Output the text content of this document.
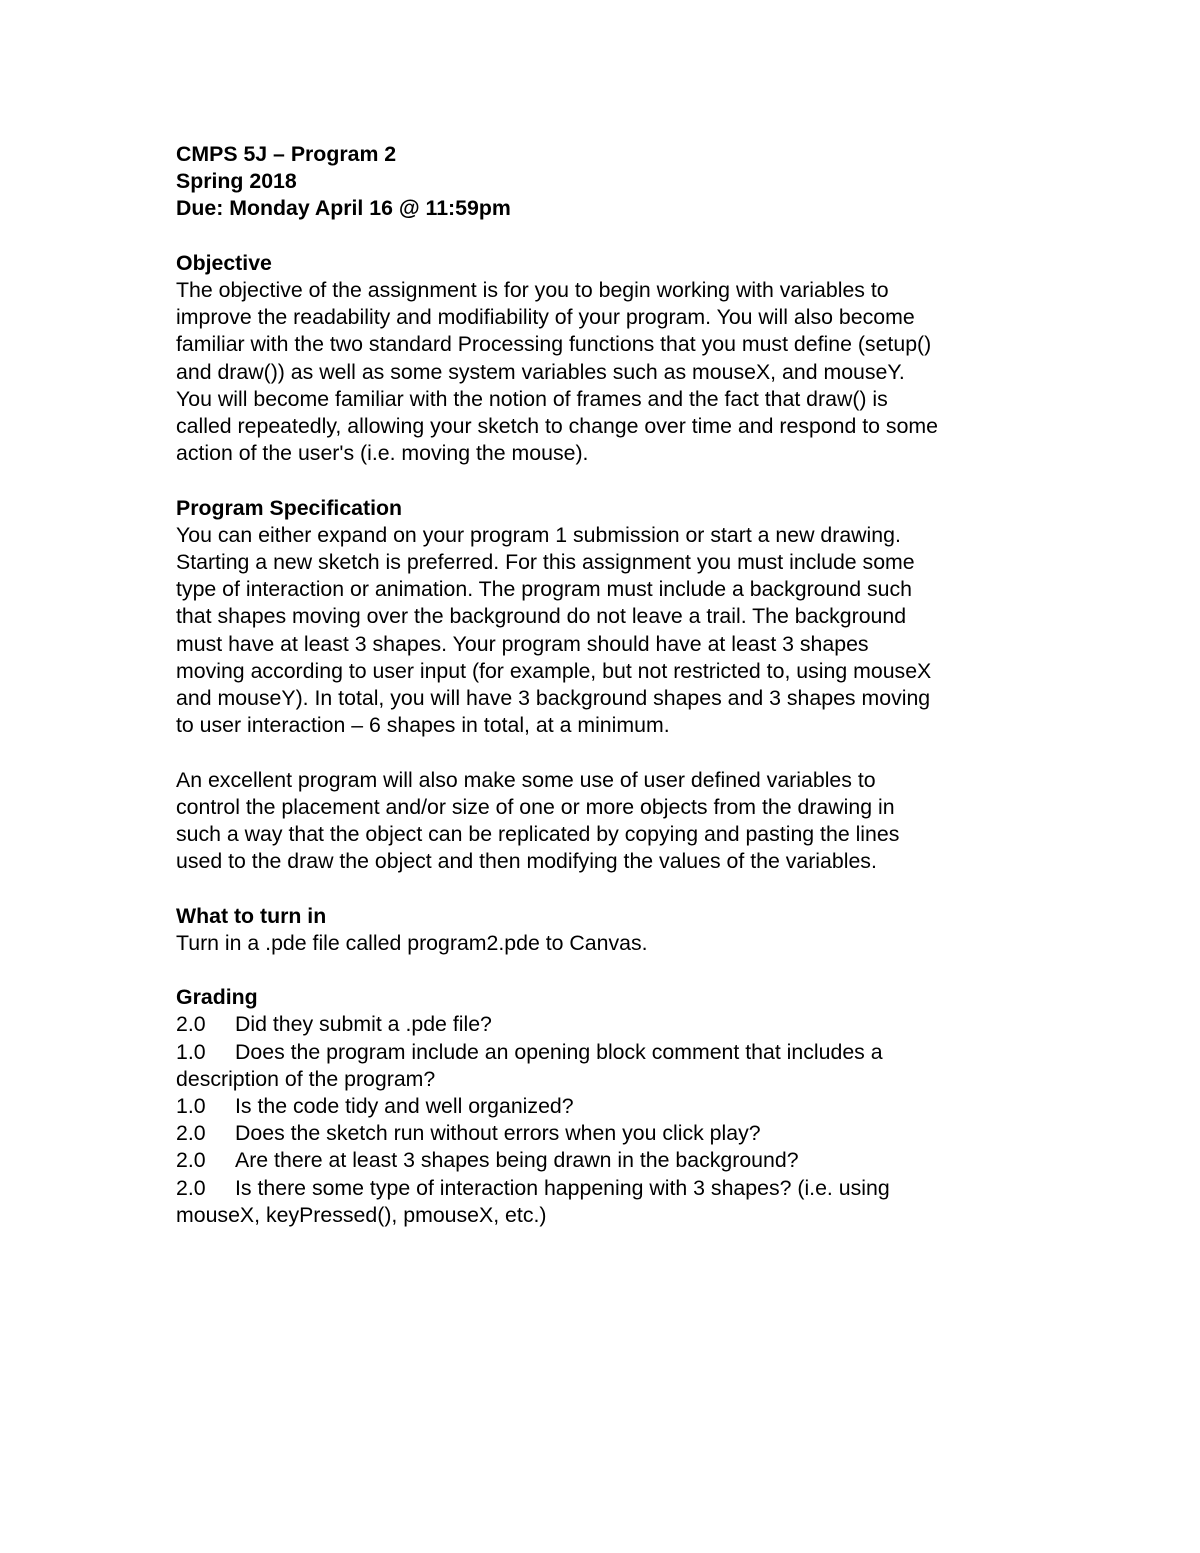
CMPS 5J – Program 2
Spring 2018
Due: Monday April 16 @ 11:59pm
Objective
The objective of the assignment is for you to begin working with variables to
improve the readability and modifiability of your program. You will also become
familiar with the two standard Processing functions that you must define (setup()
and draw()) as well as some system variables such as mouseX, and mouseY.
You will become familiar with the notion of frames and the fact that draw() is
called repeatedly, allowing your sketch to change over time and respond to some
action of the user's (i.e. moving the mouse).
Program Specification
You can either expand on your program 1 submission or start a new drawing.
Starting a new sketch is preferred. For this assignment you must include some
type of interaction or animation. The program must include a background such
that shapes moving over the background do not leave a trail. The background
must have at least 3 shapes. Your program should have at least 3 shapes
moving according to user input (for example, but not restricted to, using mouseX
and mouseY). In total, you will have 3 background shapes and 3 shapes moving
to user interaction – 6 shapes in total, at a minimum.
An excellent program will also make some use of user defined variables to
control the placement and/or size of one or more objects from the drawing in
such a way that the object can be replicated by copying and pasting the lines
used to the draw the object and then modifying the values of the variables.
What to turn in
Turn in a .pde file called program2.pde to Canvas.
Grading
2.0 Did they submit a .pde file?
1.0 Does the program include an opening block comment that includes a
description of the program?
1.0 Is the code tidy and well organized?
2.0 Does the sketch run without errors when you click play?
2.0 Are there at least 3 shapes being drawn in the background?
2.0 Is there some type of interaction happening with 3 shapes? (i.e. using
mouseX, keyPressed(), pmouseX, etc.)
